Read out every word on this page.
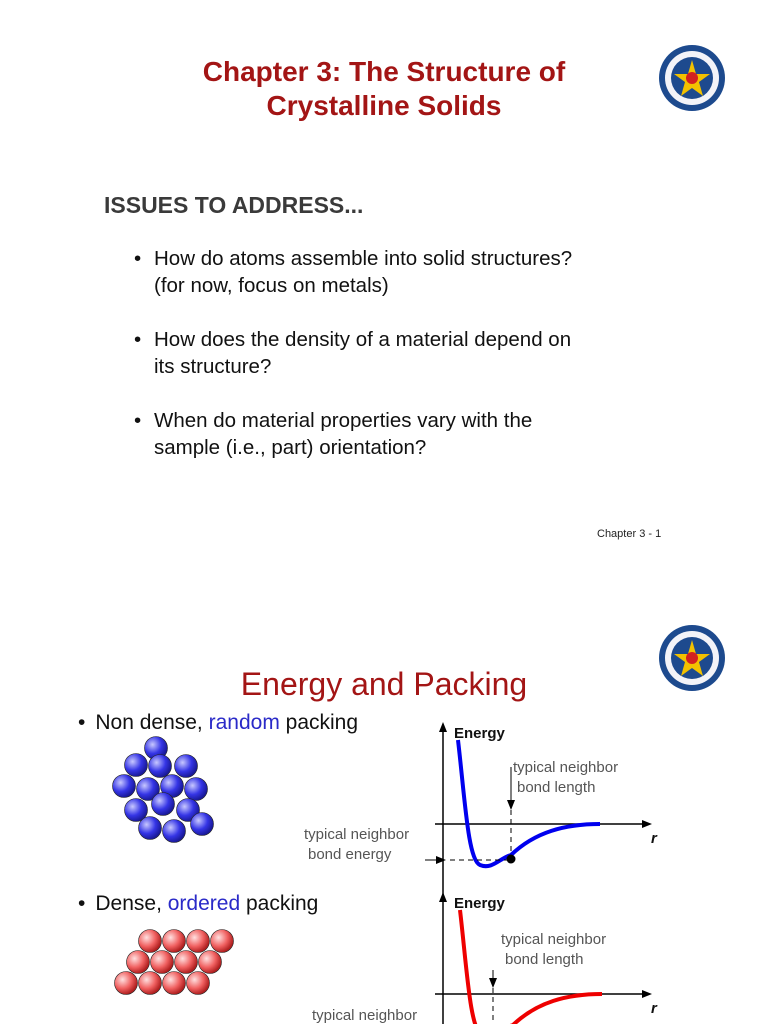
Chapter 3: The Structure of
Crystalline Solids
ISSUES TO ADDRESS...
• How do atoms assemble into solid structures?
(for now, focus on metals)
• How does the density of a material depend on
its structure?
• When do material properties vary with the
sample (i.e., part) orientation?
Chapter 3 - 1
Energy and Packing
• Non dense, random packing
• Dense, ordered packing
Energy
r
typical neighbor
bond length
typical neighbor
bond energy
Energy
r
typical neighbor
bond length
typical neighbor
